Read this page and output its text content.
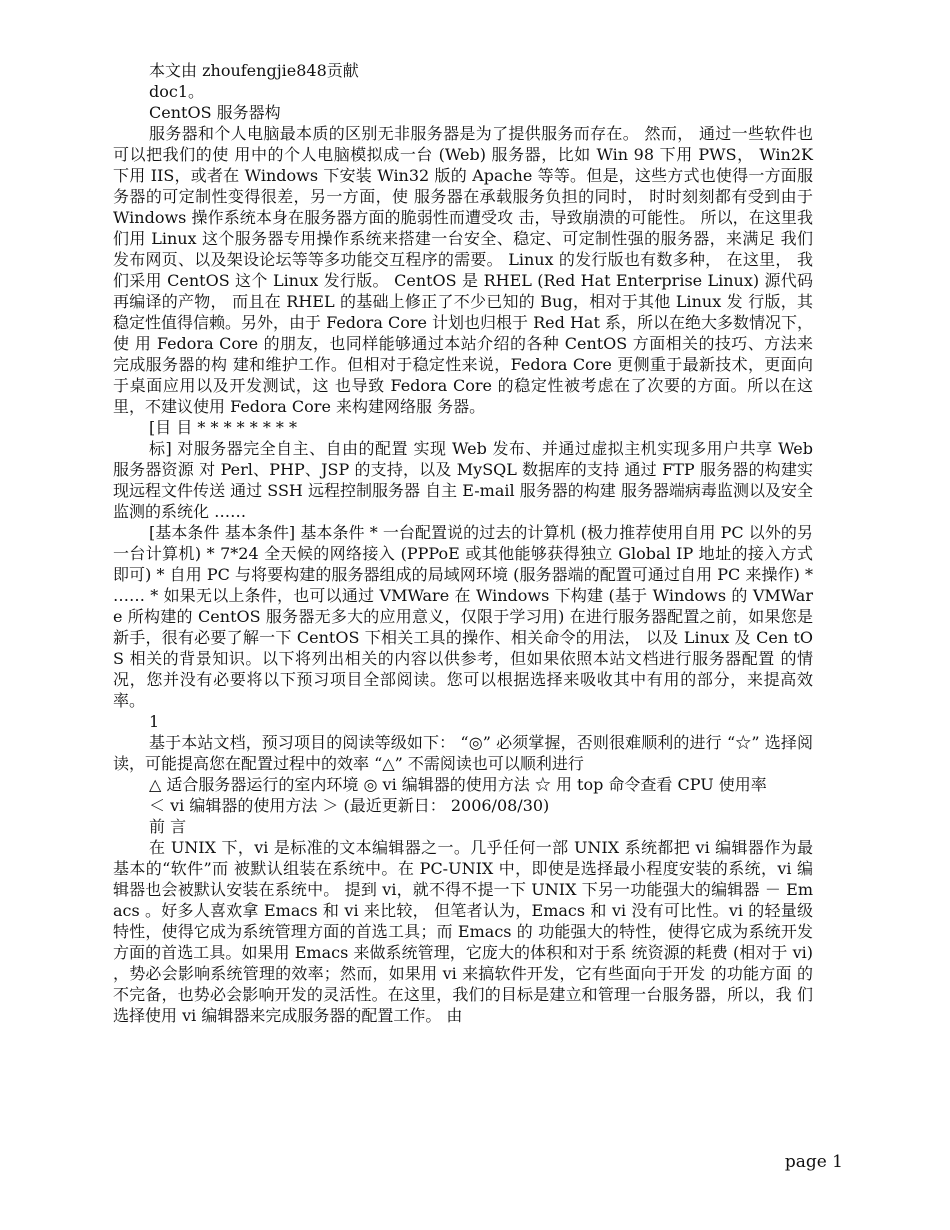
本文由 zhoufengjie848贡献

doc1。

CentOS 服务器构

服务器和个人电脑最本质的区别无非服务器是为了提供服务而存在。 然而， 通过一些软件也可以把我们的使 用中的个人电脑模拟成一台 (Web) 服务器，比如 Win 98 下用 PWS， Win2K 下用 IIS，或者在 Windows 下安装 Win32 版的 Apache 等等。但是，这些方式也使得一方面服务器的可定制性变得很差，另一方面，使 服务器在承载服务负担的同时， 时时刻刻都有受到由于 Windows 操作系统本身在服务器方面的脆弱性而遭受攻 击，导致崩溃的可能性。 所以，在这里我们用 Linux 这个服务器专用操作系统来搭建一台安全、稳定、可定制性强的服务器，来满足 我们发布网页、以及架设论坛等等多功能交互程序的需要。 Linux 的发行版也有数多种， 在这里， 我们采用 CentOS 这个 Linux 发行版。 CentOS 是 RHEL (Red Hat Enterprise Linux) 源代码再编译的产物， 而且在 RHEL 的基础上修正了不少已知的 Bug，相对于其他 Linux 发 行版，其稳定性值得信赖。另外，由于 Fedora Core 计划也归根于 Red Hat 系，所以在绝大多数情况下，使 用 Fedora Core 的朋友，也同样能够通过本站介绍的各种 CentOS 方面相关的技巧、方法来完成服务器的构 建和维护工作。但相对于稳定性来说，Fedora Core 更侧重于最新技术，更面向于桌面应用以及开发测试，这 也导致 Fedora Core 的稳定性被考虑在了次要的方面。所以在这里，不建议使用 Fedora Core 来构建网络服 务器。

[目 目 * * * * * * * *

标] 对服务器完全自主、自由的配置 实现 Web 发布、并通过虚拟主机实现多用户共享 Web 服务器资源 对 Perl、PHP、JSP 的支持，以及 MySQL 数据库的支持 通过 FTP 服务器的构建实现远程文件传送 通过 SSH 远程控制服务器 自主 E-mail 服务器的构建 服务器端病毒监测以及安全监测的系统化 ……

[基本条件 基本条件] 基本条件 * 一台配置说的过去的计算机 (极力推荐使用自用 PC 以外的另一台计算机) * 7*24 全天候的网络接入 (PPPoE 或其他能够获得独立 Global IP 地址的接入方式即可) * 自用 PC 与将要构建的服务器组成的局域网环境 (服务器端的配置可通过自用 PC 来操作) * …… * 如果无以上条件，也可以通过 VMWare 在 Windows 下构建 (基于 Windows 的 VMWare 所构建的 CentOS 服务器无多大的应用意义，仅限于学习用) 在进行服务器配置之前，如果您是新手，很有必要了解一下 CentOS 下相关工具的操作、相关命令的用法， 以及 Linux 及 Cen tOS 相关的背景知识。以下将列出相关的内容以供参考，但如果依照本站文档进行服务器配置 的情况，您并没有必要将以下预习项目全部阅读。您可以根据选择来吸收其中有用的部分，来提高效率。

1

基于本站文档，预习项目的阅读等级如下： “◎” 必须掌握，否则很难顺利的进行 “☆” 选择阅读，可能提高您在配置过程中的效率 “△” 不需阅读也可以顺利进行

△ 适合服务器运行的室内环境 ◎ vi 编辑器的使用方法 ☆ 用 top 命令查看 CPU 使用率

＜ vi 编辑器的使用方法 ＞ (最近更新日： 2006/08/30)

前 言

在 UNIX 下，vi 是标准的文本编辑器之一。几乎任何一部 UNIX 系统都把 vi 编辑器作为最基本的“软件”而 被默认组装在系统中。在 PC-UNIX 中，即使是选择最小程度安装的系统，vi 编辑器也会被默认安装在系统中。 提到 vi，就不得不提一下 UNIX 下另一功能强大的编辑器 － Emacs 。好多人喜欢拿 Emacs 和 vi 来比较， 但笔者认为，Emacs 和 vi 没有可比性。vi 的轻量级特性，使得它成为系统管理方面的首选工具；而 Emacs 的 功能强大的特性，使得它成为系统开发方面的首选工具。如果用 Emacs 来做系统管理，它庞大的体积和对于系 统资源的耗费 (相对于 vi) ，势必会影响系统管理的效率；然而，如果用 vi 来搞软件开发，它有些面向于开发 的功能方面 的不完备，也势必会影响开发的灵活性。在这里，我们的目标是建立和管理一台服务器，所以，我 们选择使用 vi 编辑器来完成服务器的配置工作。 由

page 1
